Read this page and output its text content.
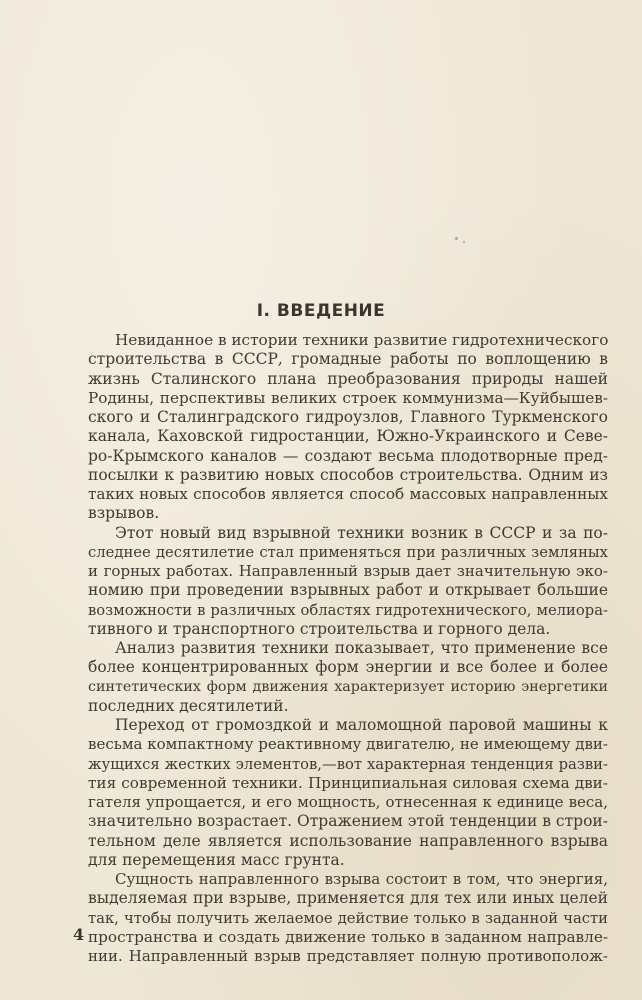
I. ВВЕДЕНИЕ
Невиданное в истории техники развитие гидротехнического
строительства в СССР, громадные работы по воплощению в
жизнь Сталинского плана преобразования природы нашей
Родины, перспективы великих строек коммунизма—Куйбышев-
ского и Сталинградского гидроузлов, Главного Туркменского
канала, Каховской гидростанции, Южно-Украинского и Севе-
ро-Крымского каналов — создают весьма плодотворные пред-
посылки к развитию новых способов строительства. Одним из
таких новых способов является способ массовых направленных
взрывов.
Этот новый вид взрывной техники возник в СССР и за по-
следнее десятилетие стал применяться при различных земляных
и горных работах. Направленный взрыв дает значительную эко-
номию при проведении взрывных работ и открывает большие
возможности в различных областях гидротехнического, мелиора-
тивного и транспортного строительства и горного дела.
Анализ развития техники показывает, что применение все
более концентрированных форм энергии и все более и более
синтетических форм движения характеризует историю энергетики
последних десятилетий.
Переход от громоздкой и маломощной паровой машины к
весьма компактному реактивному двигателю, не имеющему дви-
жущихся жестких элементов,—вот характерная тенденция разви-
тия современной техники. Принципиальная силовая схема дви-
гателя упрощается, и его мощность, отнесенная к единице веса,
значительно возрастает. Отражением этой тенденции в строи-
тельном деле является использование направленного взрыва
для перемещения масс грунта.
Сущность направленного взрыва состоит в том, что энергия,
выделяемая при взрыве, применяется для тех или иных целей
так, чтобы получить желаемое действие только в заданной части
пространства и создать движение только в заданном направле-
нии. Направленный взрыв представляет полную противополож-
4
